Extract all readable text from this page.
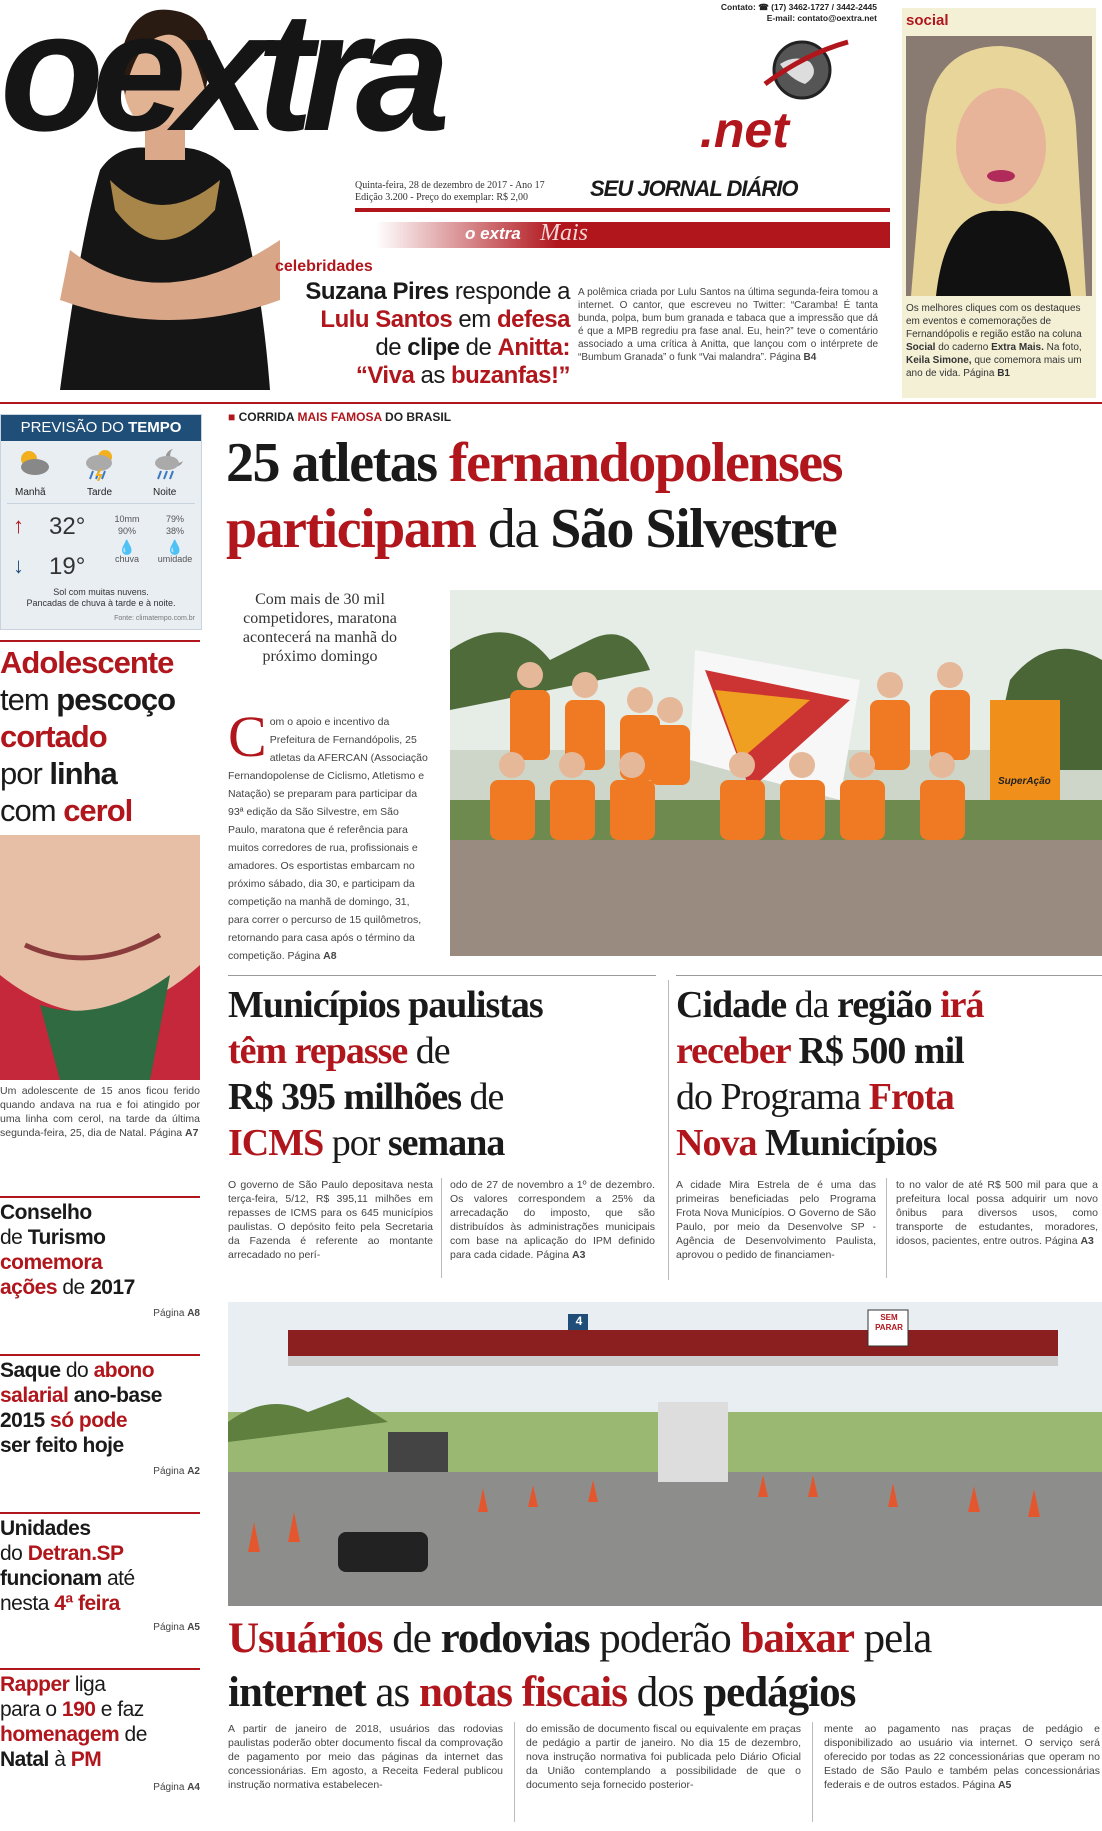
oextra	.net
SEU JORNAL DIÁRIO
Contato: ☎ (17) 3462-1727 / 3442-2445
E-mail: contato@oextra.net
Quinta-feira, 28 de dezembro de 2017 - Ano 17
Edição 3.200 - Preço do exemplar: R$ 2,00
o extra Mais
social
Os melhores cliques com os destaques em eventos e comemorações de Fernandópolis e região estão na coluna Social do caderno Extra Mais. Na foto, Keila Simone, que comemora mais um ano de vida. Página B1
celebridades
Suzana Pires responde a
Lulu Santos em defesa
de clipe de Anitta:
“Viva as buzanfas!”
A polêmica criada por Lulu Santos na última segunda-feira tomou a internet. O cantor, que escreveu no Twitter: “Caramba! É tanta bunda, polpa, bum bum granada e tabaca que a impressão que dá é que a MPB regrediu pra fase anal. Eu, hein?” teve o comentário associado a uma crítica à Anitta, que lançou com o intérprete de “Bumbum Granada” o funk “Vai malandra”. Página B4
PREVISÃO DO TEMPO
Manhã	Tarde	Noite
↑ 32°
↓ 19°
10mm
90%
💧
chuva
79%
38%
💧
umidade
Sol com muitas nuvens.
Pancadas de chuva à tarde e à noite.
Fonte: climatempo.com.br
■ CORRIDA MAIS FAMOSA DO BRASIL
25 atletas fernandopolenses
participam da São Silvestre
Com mais de 30 mil competidores, maratona acontecerá na manhã do próximo domingo
C om o apoio e incentivo da Prefeitura de Fernandópolis, 25 atletas da AFERCAN (Associação Fernandopolense de Ciclismo, Atletismo e Natação) se preparam para participar da 93ª edição da São Silvestre, em São Paulo, maratona que é referência para muitos corredores de rua, profissionais e amadores. Os esportistas embarcam no próximo sábado, dia 30, e participam da competição na manhã de domingo, 31, para correr o percurso de 15 quilômetros, retornando para casa após o término da competição. Página A8
SuperAção
Adolescente
tem pescoço
cortado
por linha
com cerol
Um adolescente de 15 anos ficou ferido quando andava na rua e foi atingido por uma linha com cerol, na tarde da última segunda-feira, 25, dia de Natal. Página A7
Municípios paulistas
têm repasse de
R$ 395 milhões de
ICMS por semana
O governo de São Paulo depositava nesta terça-feira, 5/12, R$ 395,11 milhões em repasses de ICMS para os 645 municípios paulistas. O depósito feito pela Secretaria da Fazenda é referente ao montante arrecadado no perí-
odo de 27 de novembro a 1º de dezembro. Os valores correspondem a 25% da arrecadação do imposto, que são distribuídos às administrações municipais com base na aplicação do IPM definido para cada cidade. Página A3
Cidade da região irá
receber R$ 500 mil
do Programa Frota
Nova Municípios
A cidade Mira Estrela de é uma das primeiras beneficiadas pelo Programa Frota Nova Municípios. O Governo de São Paulo, por meio da Desenvolve SP - Agência de Desenvolvimento Paulista, aprovou o pedido de financiamen-
to no valor de até R$ 500 mil para que a prefeitura local possa adquirir um novo ônibus para diversos usos, como transporte de estudantes, moradores, idosos, pacientes, entre outros. Página A3
Conselho
de Turismo
comemora
ações de 2017
Página A8
Saque do abono
salarial ano-base
2015 só pode
ser feito hoje
Página A2
Unidades
do Detran.SP
funcionam até
nesta 4ª feira
Página A5
Rapper liga
para o 190 e faz
homenagem de
Natal à PM
Página A4
4	SEM
PARAR
Usuários de rodovias poderão baixar pela
internet as notas fiscais dos pedágios
A partir de janeiro de 2018, usuários das rodovias paulistas poderão obter documento fiscal da comprovação de pagamento por meio das páginas da internet das concessionárias. Em agosto, a Receita Federal publicou instrução normativa estabelecen-
do emissão de documento fiscal ou equivalente em praças de pedágio a partir de janeiro. No dia 15 de dezembro, nova instrução normativa foi publicada pelo Diário Oficial da União contemplando a possibilidade de que o documento seja fornecido posterior-
mente ao pagamento nas praças de pedágio e disponibilizado ao usuário via internet. O serviço será oferecido por todas as 22 concessionárias que operam no Estado de São Paulo e também pelas concessionárias federais e de outros estados. Página A5
